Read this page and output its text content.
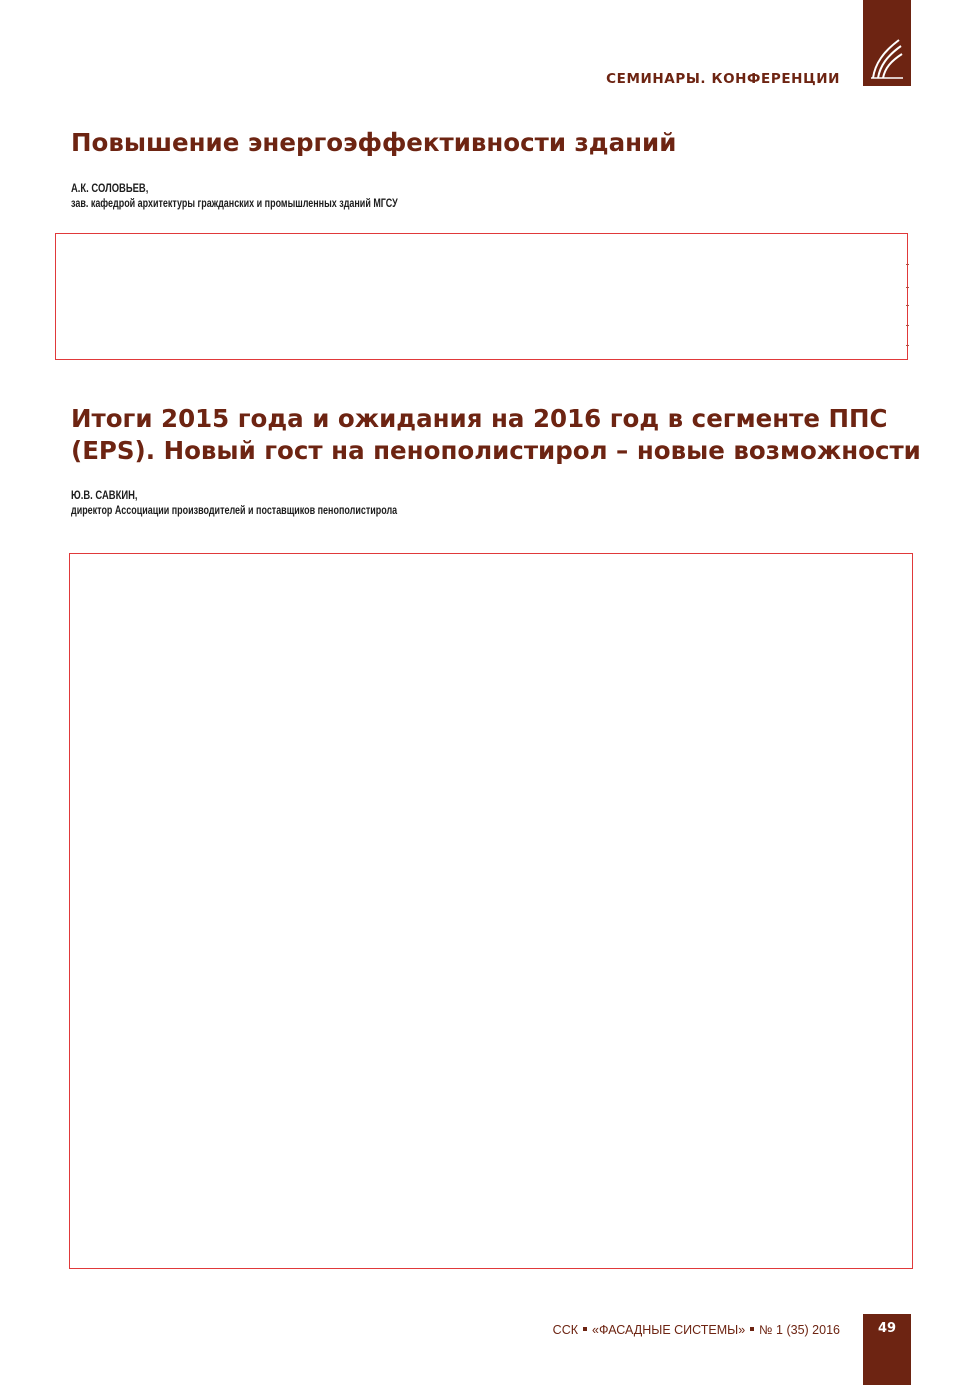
СЕМИНАРЫ. КОНФЕРЕНЦИИ
Повышение энергоэффективности зданий
А.К. СОЛОВЬЕВ,
зав. кафедрой архитектуры гражданских и промышленных зданий МГСУ
Итоги 2015 года и ожидания на 2016 год в сегменте ППС (EPS). Новый гост на пенополистирол – новые возможности
Ю.В. САВКИН,
директор Ассоциации производителей и поставщиков пенополистирола
ССК «ФАСАДНЫЕ СИСТЕМЫ» № 1 (35) 2016	49
